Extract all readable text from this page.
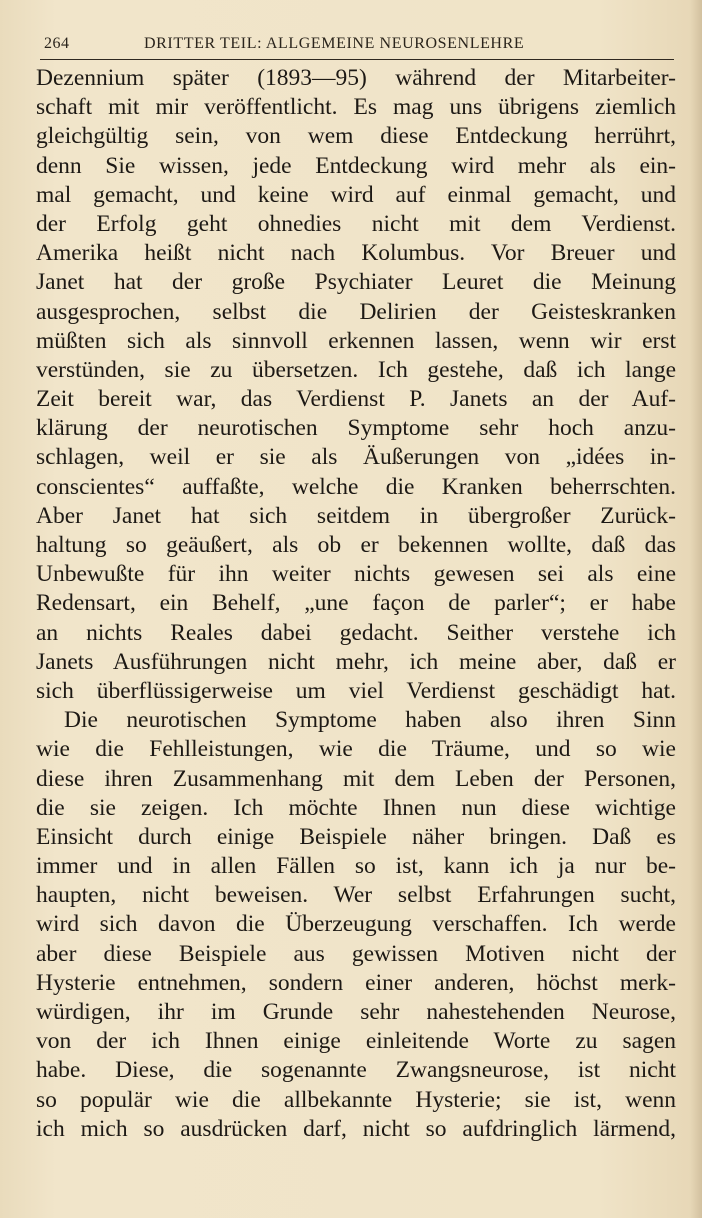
264	DRITTER TEIL: ALLGEMEINE NEUROSENLEHRE
Dezennium später (1893—95) während der Mitarbeiter-
schaft mit mir veröffentlicht. Es mag uns übrigens ziemlich
gleichgültig sein, von wem diese Entdeckung herrührt,
denn Sie wissen, jede Entdeckung wird mehr als ein-
mal gemacht, und keine wird auf einmal gemacht, und
der Erfolg geht ohnedies nicht mit dem Verdienst.
Amerika heißt nicht nach Kolumbus. Vor Breuer und
Janet hat der große Psychiater Leuret die Meinung
ausgesprochen, selbst die Delirien der Geisteskranken
müßten sich als sinnvoll erkennen lassen, wenn wir erst
verstünden, sie zu übersetzen. Ich gestehe, daß ich lange
Zeit bereit war, das Verdienst P. Janets an der Auf-
klärung der neurotischen Symptome sehr hoch anzu-
schlagen, weil er sie als Äußerungen von „idées in-
conscientes“ auffaßte, welche die Kranken beherrschten.
Aber Janet hat sich seitdem in übergroßer Zurück-
haltung so geäußert, als ob er bekennen wollte, daß das
Unbewußte für ihn weiter nichts gewesen sei als eine
Redensart, ein Behelf, „une façon de parler“; er habe
an nichts Reales dabei gedacht. Seither verstehe ich
Janets Ausführungen nicht mehr, ich meine aber, daß er
sich überflüssigerweise um viel Verdienst geschädigt hat.
Die neurotischen Symptome haben also ihren Sinn
wie die Fehlleistungen, wie die Träume, und so wie
diese ihren Zusammenhang mit dem Leben der Personen,
die sie zeigen. Ich möchte Ihnen nun diese wichtige
Einsicht durch einige Beispiele näher bringen. Daß es
immer und in allen Fällen so ist, kann ich ja nur be-
haupten, nicht beweisen. Wer selbst Erfahrungen sucht,
wird sich davon die Überzeugung verschaffen. Ich werde
aber diese Beispiele aus gewissen Motiven nicht der
Hysterie entnehmen, sondern einer anderen, höchst merk-
würdigen, ihr im Grunde sehr nahestehenden Neurose,
von der ich Ihnen einige einleitende Worte zu sagen
habe. Diese, die sogenannte Zwangsneurose, ist nicht
so populär wie die allbekannte Hysterie; sie ist, wenn
ich mich so ausdrücken darf, nicht so aufdringlich lärmend,
